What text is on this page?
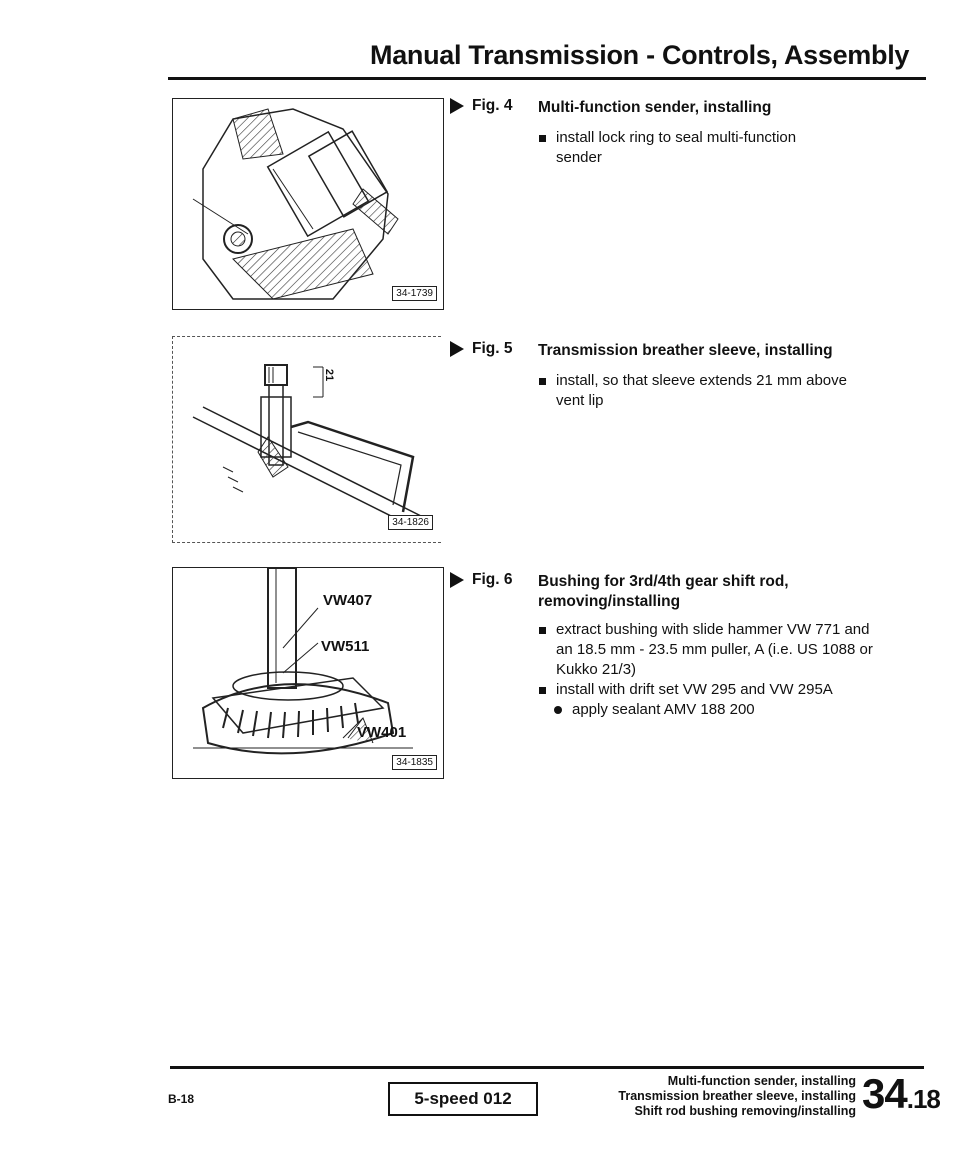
Manual Transmission - Controls, Assembly
34-1739
Fig. 4 Multi-function sender, installing
install lock ring to seal multi-function sender
21
34-1826
Fig. 5 Transmission breather sleeve, installing
install, so that sleeve extends 21 mm above vent lip
VW407
VW511
VW401
34-1835
Fig. 6 Bushing for 3rd/4th gear shift rod, removing/installing
extract bushing with slide hammer VW 771 and an 18.5 mm - 23.5 mm puller, A (i.e. US 1088 or Kukko 21/3)
install with drift set VW 295 and VW 295A
apply sealant AMV 188 200
B-18	5-speed 012
Multi-function sender, installing
Transmission breather sleeve, installing
Shift rod bushing removing/installing 34.18
